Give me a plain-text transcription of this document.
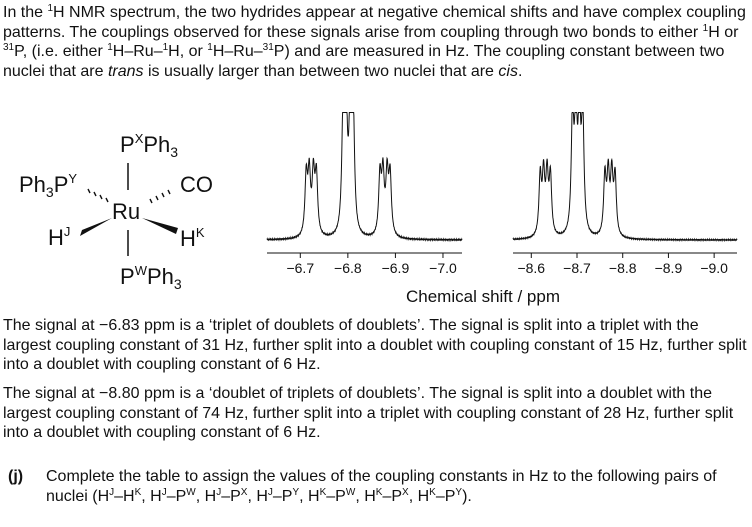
In the $^1$H NMR spectrum, the two hydrides appear at negative chemical shifts and have complex coupling patterns. The couplings observed for these signals arise from coupling through two bonds to either $^1$H or $^{31}$P, (i.e. either $^1$H–Ru–$^1$H, or $^1$H–Ru–$^{31}$P) and are measured in Hz. The coupling constant between two nuclei that are trans is usually larger than between two nuclei that are cis.

$P^XPh_3$
$Ph_3P^Y$
Ru
CO
$H^J$	$H^K$
$P^WPh_3$
−6.7 −6.8 −6.9 −7.0	−8.6 −8.7 −8.8 −8.9 −9.0
Chemical shift / ppm

The signal at −6.83 ppm is a ‘triplet of doublets of doublets’. The signal is split into a triplet with the largest coupling constant of 31 Hz, further split into a doublet with coupling constant of 15 Hz, further split into a doublet with coupling constant of 6 Hz.

The signal at −8.80 ppm is a ‘doublet of triplets of doublets’. The signal is split into a doublet with the largest coupling constant of 74 Hz, further split into a triplet with coupling constant of 28 Hz, further split into a doublet with coupling constant of 6 Hz.

(j)	Complete the table to assign the values of the coupling constants in Hz to the following pairs of nuclei ($H^J-H^K$, $H^J-P^W$, $H^J-P^X$, $H^J-P^Y$, $H^K-P^W$, $H^K-P^X$, $H^K-P^Y$).
